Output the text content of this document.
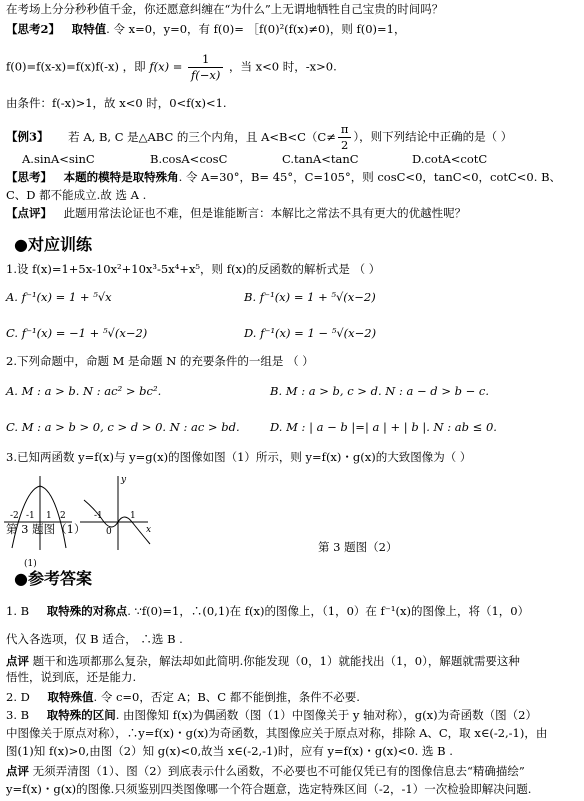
在考场上分分秒秒值千金，你还愿意纠缠在“为什么”上无谓地牺牲自己宝贵的时间吗？
【思考2】 取特值. 令 x=0，y=0，有 f(0)= ［f(0)²(f(x)≠0)，则 f(0)=1，
f(0)=f(x-x)=f(x)f(-x) ，即 $f(x) = \frac{1}{f(-x)}$ ，当 x<0 时，-x>0.
由条件：f(-x)>1，故 x<0 时，0<f(x)<1.
【例3】 若 A, B, C 是△ABC 的三个内角，且 $A<B<C(C\ne \frac{\pi}{2}$ ），则下列结论中正确的是（ ）
A.sinA<sinC	B.cosA<cosC	C.tanA<tanC	D.cotA<cotC
【思考】 本题的模特是取特殊角. 令 A=30°，B= 45°，C=105°，则 cosC<0，tanC<0，cotC<0. B、
C、D 都不能成立.故 选 A .
【点评】 此题用常法论证也不难，但是谁能断言：本解比之常法不具有更大的优越性呢？
●对应训练
1.设 f(x)=1+5x-10x²+10x³-5x⁴+x⁵，则 f(x)的反函数的解析式是 （ ）
A. f⁻¹(x) = 1 + ⁵√x	B. f⁻¹(x) = 1 + ⁵√(x−2)
C. f⁻¹(x) = −1 + ⁵√(x−2)	D. f⁻¹(x) = 1 − ⁵√(x−2)
2.下列命题中，命题 M 是命题 N 的充要条件的一组是 （ ）
A. M : a > b. N : ac² > bc².	B. M : a > b, c > d. N : a − d > b − c.
C. M : a > b > 0, c > d > 0. N : ac > bd.	D. M : | a − b |=| a | + | b |. N : ab ≤ 0.
3.已知两函数 y=f(x)与 y=g(x)的图像如图（1）所示，则 y=f(x)・g(x)的大致图像为（ ）
-2 -1 1 2	-1
0
1
y
x
(1)
第 3 题图（1）
第 3 题图（2）
●参考答案
1. B 取特殊的对称点. ∵f(0)=1，∴(0,1)在 f(x)的图像上，（1，0）在 f⁻¹(x)的图像上，将（1，0）
代入各选项，仅 B 适合， ∴选 B .
点评 题干和选项都那么复杂，解法却如此简明.你能发现（0，1）就能找出（1，0），解题就需要这种
悟性，说到底，还是能力.
2. D 取特殊值. 令 c=0，否定 A；B、C 都不能倒推，条件不必要.
3. B 取特殊的区间. 由图像知 f(x)为偶函数（图（1）中图像关于 y 轴对称），g(x)为奇函数（图（2）
中图像关于原点对称），∴y=f(x)・g(x)为奇函数，其图像应关于原点对称，排除 A、C，取 x∈(-2,-1)，由
图(1)知 f(x)>0,由图（2）知 g(x)<0,故当 x∈(-2,-1)时，应有 y=f(x)・g(x)<0. 选 B .
点评 无须弄清图（1）、图（2）到底表示什么函数，不必要也不可能仅凭已有的图像信息去“精确描绘”
y=f(x)・g(x)的图像.只须鉴别四类图像哪一个符合题意，选定特殊区间（-2，-1）一次检验即解决问题.
